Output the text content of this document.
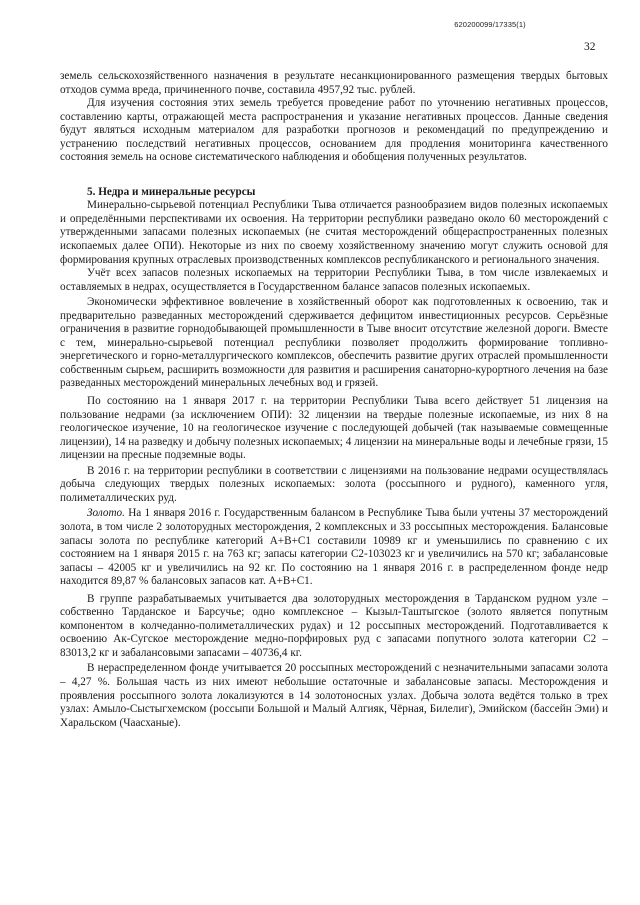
620200099/17335(1)
32

земель сельскохозяйственного назначения в результате несанкционированного размещения твердых бытовых отходов сумма вреда, причиненного почве, составила 4957,92 тыс. рублей.

Для изучения состояния этих земель требуется проведение работ по уточнению негативных процессов, составлению карты, отражающей места распространения и указание негативных процессов. Данные сведения будут являться исходным материалом для разработки прогнозов и рекомендаций по предупреждению и устранению последствий негативных процессов, основанием для продления мониторинга качественного состояния земель на основе систематического наблюдения и обобщения полученных результатов.

5. Недра и минеральные ресурсы

Минерально-сырьевой потенциал Республики Тыва отличается разнообразием видов полезных ископаемых и определёнными перспективами их освоения. На территории республики разведано около 60 месторождений с утвержденными запасами полезных ископаемых (не считая месторождений общераспространенных полезных ископаемых далее ОПИ). Некоторые из них по своему хозяйственному значению могут служить основой для формирования крупных отраслевых производственных комплексов республиканского и регионального значения.

Учёт всех запасов полезных ископаемых на территории Республики Тыва, в том числе извлекаемых и оставляемых в недрах, осуществляется в Государственном балансе запасов полезных ископаемых.

Экономически эффективное вовлечение в хозяйственный оборот как подготовленных к освоению, так и предварительно разведанных месторождений сдерживается дефицитом инвестиционных ресурсов. Серьёзные ограничения в развитие горнодобывающей промышленности в Тыве вносит отсутствие железной дороги. Вместе с тем, минерально-сырьевой потенциал республики позволяет продолжить формирование топливно-энергетического и горно-металлургического комплексов, обеспечить развитие других отраслей промышленности собственным сырьем, расширить возможности для развития и расширения санаторно-курортного лечения на базе разведанных месторождений минеральных лечебных вод и грязей.

По состоянию на 1 января 2017 г. на территории Республики Тыва всего действует 51 лицензия на пользование недрами (за исключением ОПИ): 32 лицензии на твердые полезные ископаемые, из них 8 на геологическое изучение, 10 на геологическое изучение с последующей добычей (так называемые совмещенные лицензии), 14 на разведку и добычу полезных ископаемых; 4 лицензии на минеральные воды и лечебные грязи, 15 лицензии на пресные подземные воды.

В 2016 г. на территории республики в соответствии с лицензиями на пользование недрами осуществлялась добыча следующих твердых полезных ископаемых: золота (россыпного и рудного), каменного угля, полиметаллических руд.

Золото. На 1 января 2016 г. Государственным балансом в Республике Тыва были учтены 37 месторождений золота, в том числе 2 золоторудных месторождения, 2 комплексных и 33 россыпных месторождения. Балансовые запасы золота по республике категорий А+В+С1 составили 10989 кг и уменьшились по сравнению с их состоянием на 1 января 2015 г. на 763 кг; запасы категории С2-103023 кг и увеличились на 570 кг; забалансовые запасы – 42005 кг и увеличились на 92 кг. По состоянию на 1 января 2016 г. в распределенном фонде недр находится 89,87 % балансовых запасов кат. А+В+С1.

В группе разрабатываемых учитывается два золоторудных месторождения в Тарданском рудном узле – собственно Тарданское и Барсучье; одно комплексное – Кызыл-Таштыгское (золото является попутным компонентом в колчеданно-полиметаллических рудах) и 12 россыпных месторождений. Подготавливается к освоению Ак-Сугское месторождение медно-порфировых руд с запасами попутного золота категории С2 – 83013,2 кг и забалансовыми запасами – 40736,4 кг.

В нераспределенном фонде учитывается 20 россыпных месторождений с незначительными запасами золота – 4,27 %. Большая часть из них имеют небольшие остаточные и забалансовые запасы. Месторождения и проявления россыпного золота локализуются в 14 золотоносных узлах. Добыча золота ведётся только в трех узлах: Амыло-Сыстыгхемском (россыпи Большой и Малый Алгияк, Чёрная, Билелиг), Эмийском (бассейн Эми) и Харальском (Чаасханые).
